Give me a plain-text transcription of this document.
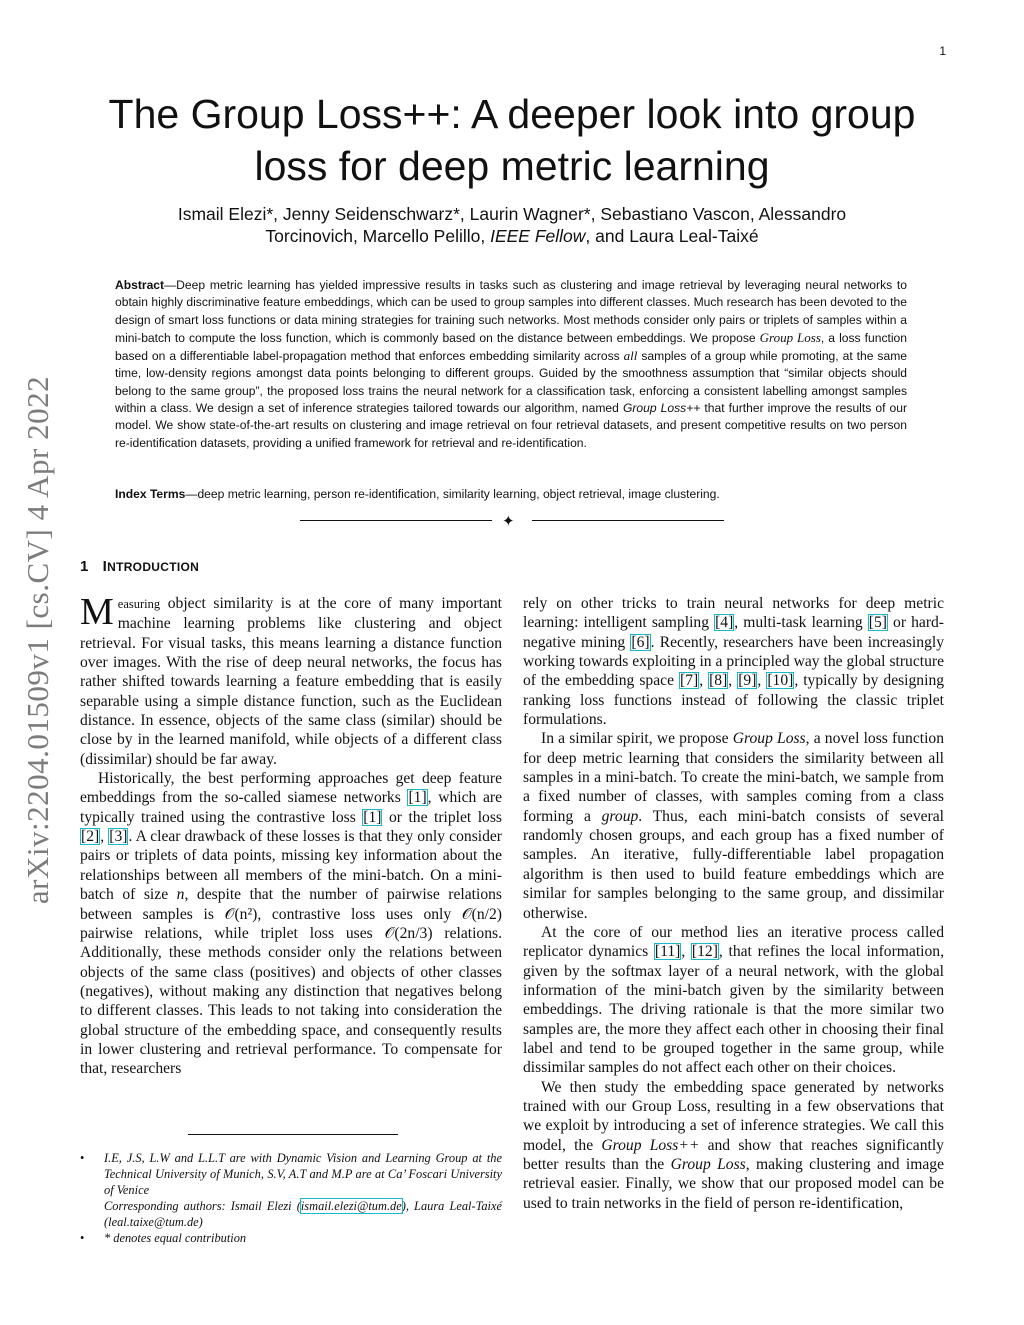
1
arXiv:2204.01509v1 [cs.CV] 4 Apr 2022
The Group Loss++: A deeper look into group loss for deep metric learning
Ismail Elezi*, Jenny Seidenschwarz*, Laurin Wagner*, Sebastiano Vascon, Alessandro
Torcinovich, Marcello Pelillo, IEEE Fellow, and Laura Leal-Taixé
Abstract—Deep metric learning has yielded impressive results in tasks such as clustering and image retrieval by leveraging neural networks to obtain highly discriminative feature embeddings, which can be used to group samples into different classes. Much research has been devoted to the design of smart loss functions or data mining strategies for training such networks. Most methods consider only pairs or triplets of samples within a mini-batch to compute the loss function, which is commonly based on the distance between embeddings. We propose Group Loss, a loss function based on a differentiable label-propagation method that enforces embedding similarity across all samples of a group while promoting, at the same time, low-density regions amongst data points belonging to different groups. Guided by the smoothness assumption that “similar objects should belong to the same group”, the proposed loss trains the neural network for a classification task, enforcing a consistent labelling amongst samples within a class. We design a set of inference strategies tailored towards our algorithm, named Group Loss++ that further improve the results of our model. We show state-of-the-art results on clustering and image retrieval on four retrieval datasets, and present competitive results on two person re-identification datasets, providing a unified framework for retrieval and re-identification.
Index Terms—deep metric learning, person re-identification, similarity learning, object retrieval, image clustering.
✦
1 INTRODUCTION

Measuring object similarity is at the core of many important machine learning problems like clustering and object retrieval. For visual tasks, this means learning a distance function over images. With the rise of deep neural networks, the focus has rather shifted towards learning a feature embedding that is easily separable using a simple distance function, such as the Euclidean distance. In essence, objects of the same class (similar) should be close by in the learned manifold, while objects of a different class (dissimilar) should be far away.

Historically, the best performing approaches get deep feature embeddings from the so-called siamese networks [1], which are typically trained using the contrastive loss [1] or the triplet loss [2], [3]. A clear drawback of these losses is that they only consider pairs or triplets of data points, missing key information about the relationships between all members of the mini-batch. On a mini-batch of size n, despite that the number of pairwise relations between samples is 𝒪(n²), contrastive loss uses only 𝒪(n/2) pairwise relations, while triplet loss uses 𝒪(2n/3) relations. Additionally, these methods consider only the relations between objects of the same class (positives) and objects of other classes (negatives), without making any distinction that negatives belong to different classes. This leads to not taking into consideration the global structure of the embedding space, and consequently results in lower clustering and retrieval performance. To compensate for that, researchers

rely on other tricks to train neural networks for deep metric learning: intelligent sampling [4], multi-task learning [5] or hard-negative mining [6]. Recently, researchers have been increasingly working towards exploiting in a principled way the global structure of the embedding space [7], [8], [9], [10], typically by designing ranking loss functions instead of following the classic triplet formulations.

In a similar spirit, we propose Group Loss, a novel loss function for deep metric learning that considers the similarity between all samples in a mini-batch. To create the mini-batch, we sample from a fixed number of classes, with samples coming from a class forming a group. Thus, each mini-batch consists of several randomly chosen groups, and each group has a fixed number of samples. An iterative, fully-differentiable label propagation algorithm is then used to build feature embeddings which are similar for samples belonging to the same group, and dissimilar otherwise.

At the core of our method lies an iterative process called replicator dynamics [11], [12], that refines the local information, given by the softmax layer of a neural network, with the global information of the mini-batch given by the similarity between embeddings. The driving rationale is that the more similar two samples are, the more they affect each other in choosing their final label and tend to be grouped together in the same group, while dissimilar samples do not affect each other on their choices.

We then study the embedding space generated by networks trained with our Group Loss, resulting in a few observations that we exploit by introducing a set of inference strategies. We call this model, the Group Loss++ and show that reaches significantly better results than the Group Loss, making clustering and image retrieval easier. Finally, we show that our proposed model can be used to train networks in the field of person re-identification,

• I.E, J.S, L.W and L.L.T are with Dynamic Vision and Learning Group at the Technical University of Munich, S.V, A.T and M.P are at Ca’ Foscari University of Venice
Corresponding authors: Ismail Elezi (ismail.elezi@tum.de), Laura Leal-Taixé (leal.taixe@tum.de)
• * denotes equal contribution
